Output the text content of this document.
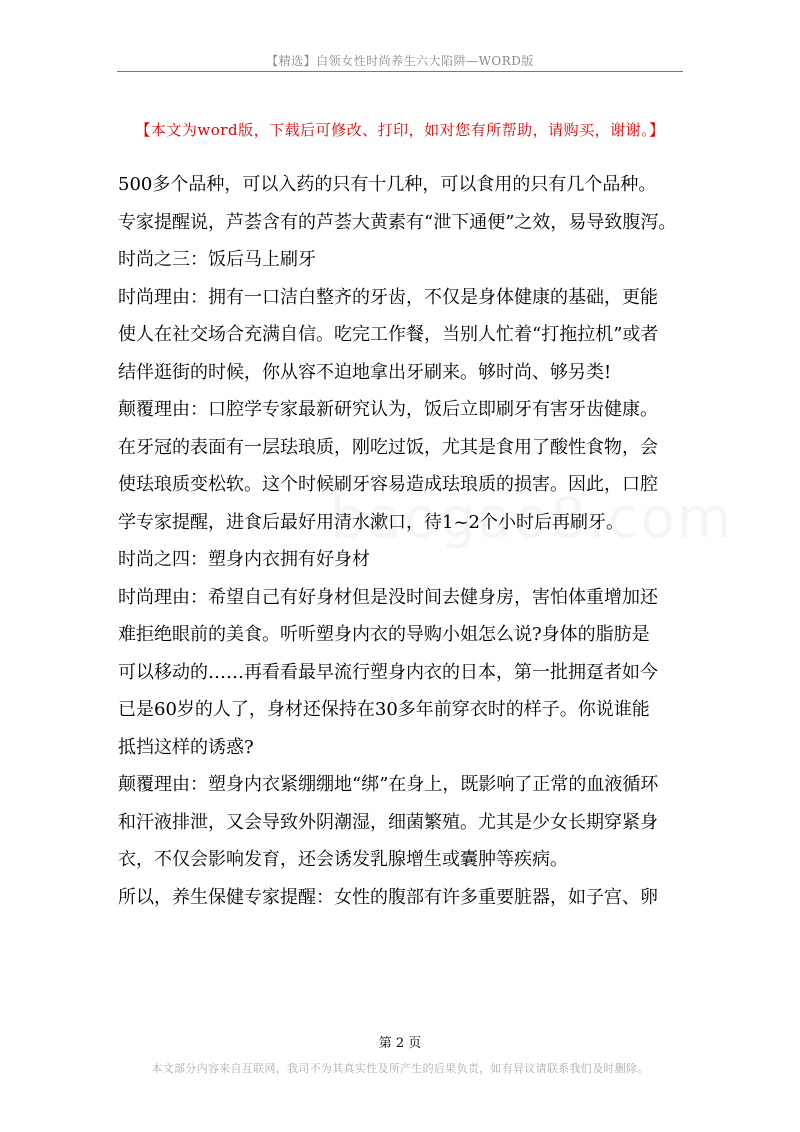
【精选】白领女性时尚养生六大陷阱—WORD版
【本文为word版，下载后可修改、打印，如对您有所帮助，请购买，谢谢。】

500多个品种，可以入药的只有十几种，可以食用的只有几个品种。

专家提醒说，芦荟含有的芦荟大黄素有“泄下通便”之效，易导致腹泻。

时尚之三：饭后马上刷牙

时尚理由：拥有一口洁白整齐的牙齿，不仅是身体健康的基础，更能

使人在社交场合充满自信。吃完工作餐，当别人忙着“打拖拉机”或者

结伴逛街的时候，你从容不迫地拿出牙刷来。够时尚、够另类!

颠覆理由：口腔学专家最新研究认为，饭后立即刷牙有害牙齿健康。

在牙冠的表面有一层珐琅质，刚吃过饭，尤其是食用了酸性食物，会

使珐琅质变松软。这个时候刷牙容易造成珐琅质的损害。因此，口腔

学专家提醒，进食后最好用清水漱口，待1~2个小时后再刷牙。

时尚之四：塑身内衣拥有好身材

时尚理由：希望自己有好身材但是没时间去健身房，害怕体重增加还

难拒绝眼前的美食。听听塑身内衣的导购小姐怎么说?身体的脂肪是

可以移动的……再看看最早流行塑身内衣的日本，第一批拥趸者如今

已是60岁的人了，身材还保持在30多年前穿衣时的样子。你说谁能

抵挡这样的诱惑?

颠覆理由：塑身内衣紧绷绷地“绑”在身上，既影响了正常的血液循环

和汗液排泄，又会导致外阴潮湿，细菌繁殖。尤其是少女长期穿紧身

衣，不仅会影响发育，还会诱发乳腺增生或囊肿等疾病。

所以，养生保健专家提醒：女性的腹部有许多重要脏器，如子宫、卵

第 2 页
本文部分内容来自互联网，我司不为其真实性及所产生的后果负责，如有异议请联系我们及时删除。
